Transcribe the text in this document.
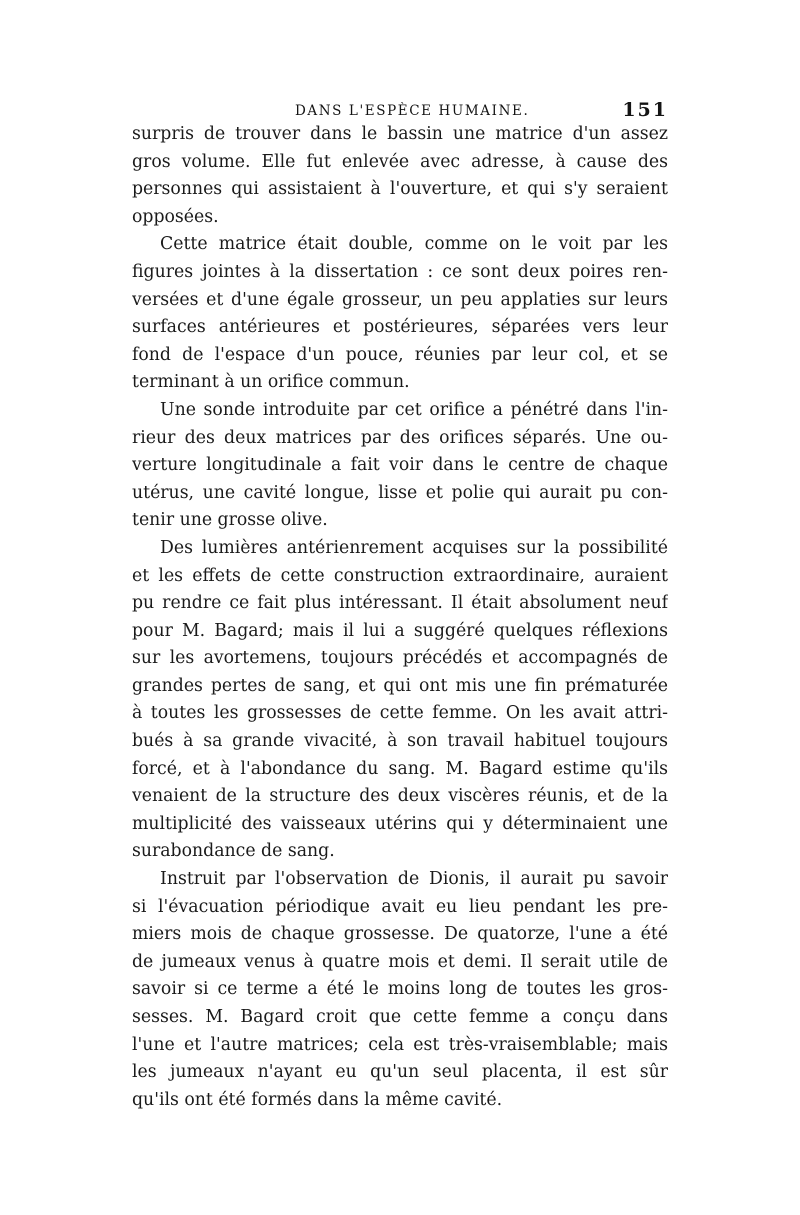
DANS L'ESPÈCE HUMAINE.	151
surpris de trouver dans le bassin une matrice d'un assez
gros volume. Elle fut enlevée avec adresse, à cause des
personnes qui assistaient à l'ouverture, et qui s'y seraient
opposées.
Cette matrice était double, comme on le voit par les
figures jointes à la dissertation : ce sont deux poires ren-
versées et d'une égale grosseur, un peu applaties sur leurs
surfaces antérieures et postérieures, séparées vers leur
fond de l'espace d'un pouce, réunies par leur col, et se
terminant à un orifice commun.
Une sonde introduite par cet orifice a pénétré dans l'in-
rieur des deux matrices par des orifices séparés. Une ou-
verture longitudinale a fait voir dans le centre de chaque
utérus, une cavité longue, lisse et polie qui aurait pu con-
tenir une grosse olive.
Des lumières antérienrement acquises sur la possibilité
et les effets de cette construction extraordinaire, auraient
pu rendre ce fait plus intéressant. Il était absolument neuf
pour M. Bagard; mais il lui a suggéré quelques réflexions
sur les avortemens, toujours précédés et accompagnés de
grandes pertes de sang, et qui ont mis une fin prématurée
à toutes les grossesses de cette femme. On les avait attri-
bués à sa grande vivacité, à son travail habituel toujours
forcé, et à l'abondance du sang. M. Bagard estime qu'ils
venaient de la structure des deux viscères réunis, et de la
multiplicité des vaisseaux utérins qui y déterminaient une
surabondance de sang.
Instruit par l'observation de Dionis, il aurait pu savoir
si l'évacuation périodique avait eu lieu pendant les pre-
miers mois de chaque grossesse. De quatorze, l'une a été
de jumeaux venus à quatre mois et demi. Il serait utile de
savoir si ce terme a été le moins long de toutes les gros-
sesses. M. Bagard croit que cette femme a conçu dans
l'une et l'autre matrices; cela est très-vraisemblable; mais
les jumeaux n'ayant eu qu'un seul placenta, il est sûr
qu'ils ont été formés dans la même cavité.
